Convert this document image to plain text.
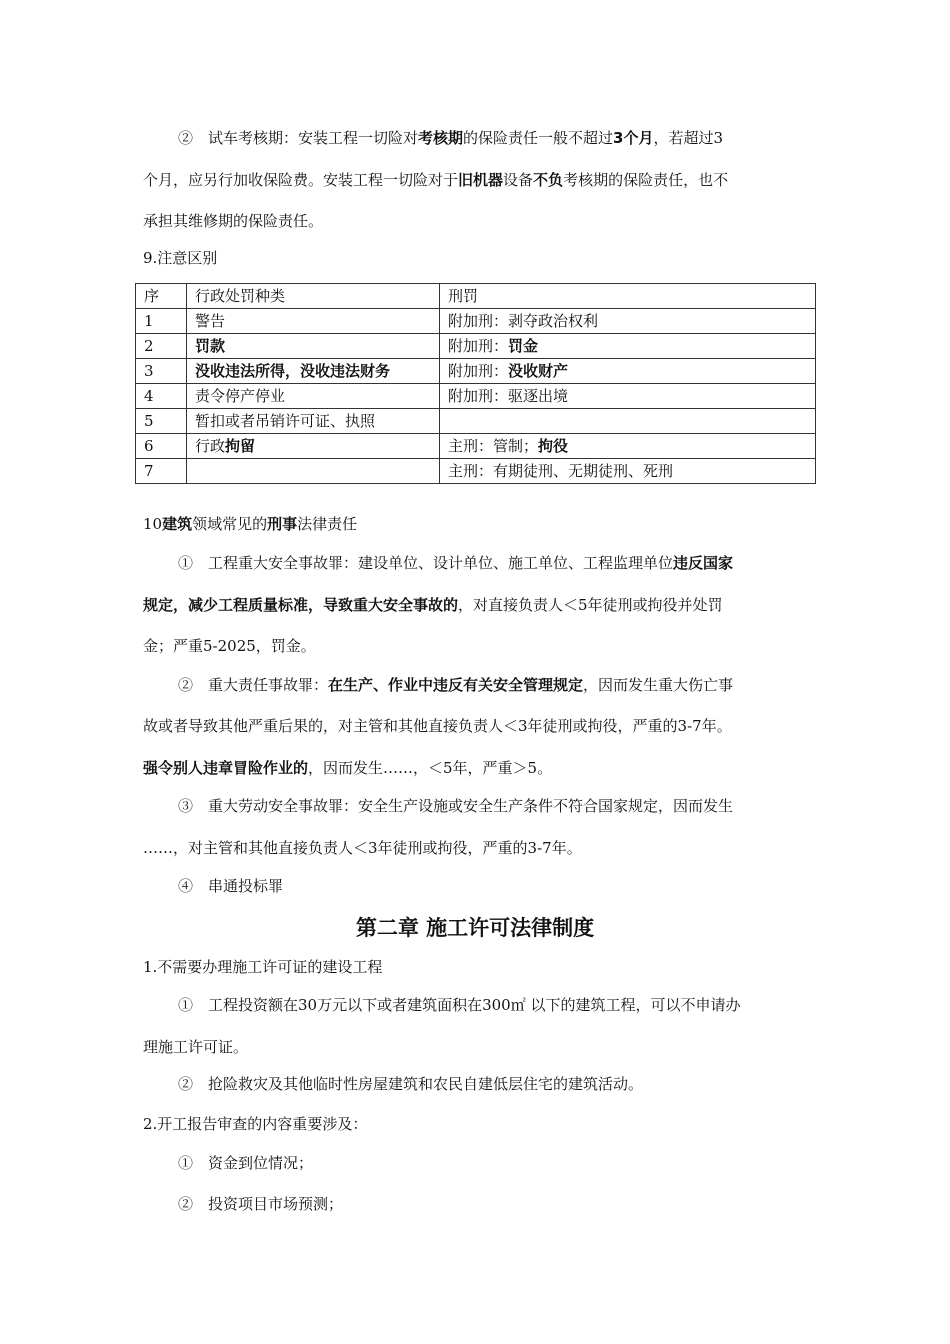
②　试车考核期：安装工程一切险对考核期的保险责任一般不超过3个月，若超过3
个月，应另行加收保险费。安装工程一切险对于旧机器设备不负考核期的保险责任，也不
承担其维修期的保险责任。
9.注意区别
序	行政处罚种类	刑罚
1	警告	附加刑：剥夺政治权利
2	罚款	附加刑：罚金
3	没收违法所得，没收违法财务	附加刑：没收财产
4	责令停产停业	附加刑：驱逐出境
5	暂扣或者吊销许可证、执照	
6	行政拘留	主刑：管制；拘役
7		主刑：有期徒刑、无期徒刑、死刑
10建筑领域常见的刑事法律责任
①　工程重大安全事故罪：建设单位、设计单位、施工单位、工程监理单位违反国家
规定，减少工程质量标准，导致重大安全事故的，对直接负责人＜5年徒刑或拘役并处罚
金；严重5-2025，罚金。
②　重大责任事故罪：在生产、作业中违反有关安全管理规定，因而发生重大伤亡事
故或者导致其他严重后果的，对主管和其他直接负责人＜3年徒刑或拘役，严重的3-7年。
强令别人违章冒险作业的，因而发生……，＜5年，严重＞5。
③　重大劳动安全事故罪：安全生产设施或安全生产条件不符合国家规定，因而发生
……，对主管和其他直接负责人＜3年徒刑或拘役，严重的3-7年。
④　串通投标罪
第二章 施工许可法律制度
1.不需要办理施工许可证的建设工程
①　工程投资额在30万元以下或者建筑面积在300㎡ 以下的建筑工程，可以不申请办
理施工许可证。
②　抢险救灾及其他临时性房屋建筑和农民自建低层住宅的建筑活动。
2.开工报告审查的内容重要涉及：
①　资金到位情况；
②　投资项目市场预测；
